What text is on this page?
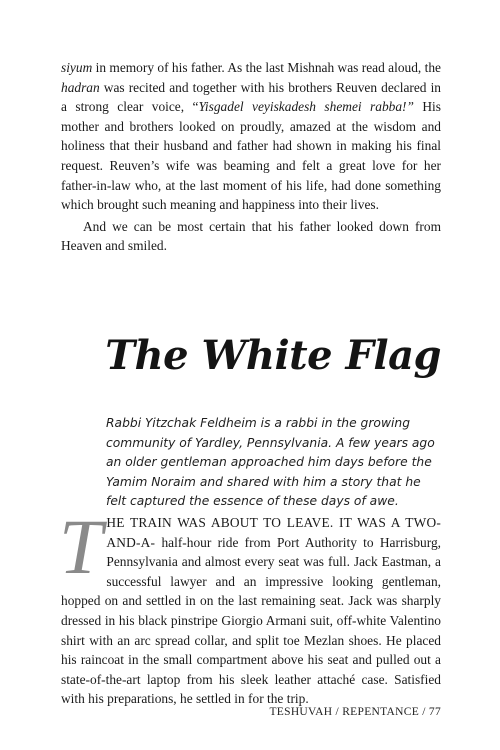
siyum in memory of his father. As the last Mishnah was read aloud, the hadran was recited and together with his brothers Reuven declared in a strong clear voice, “Yisgadel veyiskadesh shemei rabba!” His mother and brothers looked on proudly, amazed at the wisdom and holiness that their husband and father had shown in making his final request. Reuven’s wife was beaming and felt a great love for her father-in-law who, at the last moment of his life, had done something which brought such meaning and happiness into their lives.

And we can be most certain that his father looked down from Heaven and smiled.

The White Flag

Rabbi Yitzchak Feldheim is a rabbi in the growing community of Yardley, Pennsylvania. A few years ago an older gentleman approached him days before the Yamim Noraim and shared with him a story that he felt captured the essence of these days of awe.

THE TRAIN WAS ABOUT TO LEAVE. IT WAS A TWO-AND-A- half-hour ride from Port Authority to Harrisburg, Pennsylvania and almost every seat was full. Jack Eastman, a successful lawyer and an impressive looking gentleman, hopped on and settled in on the last remaining seat. Jack was sharply dressed in his black pinstripe Giorgio Armani suit, off-white Valentino shirt with an arc spread collar, and split toe Mezlan shoes. He placed his raincoat in the small compartment above his seat and pulled out a state-of-the-art laptop from his sleek leather attaché case. Satisfied with his preparations, he settled in for the trip.

TESHUVAH / REPENTANCE / 77
